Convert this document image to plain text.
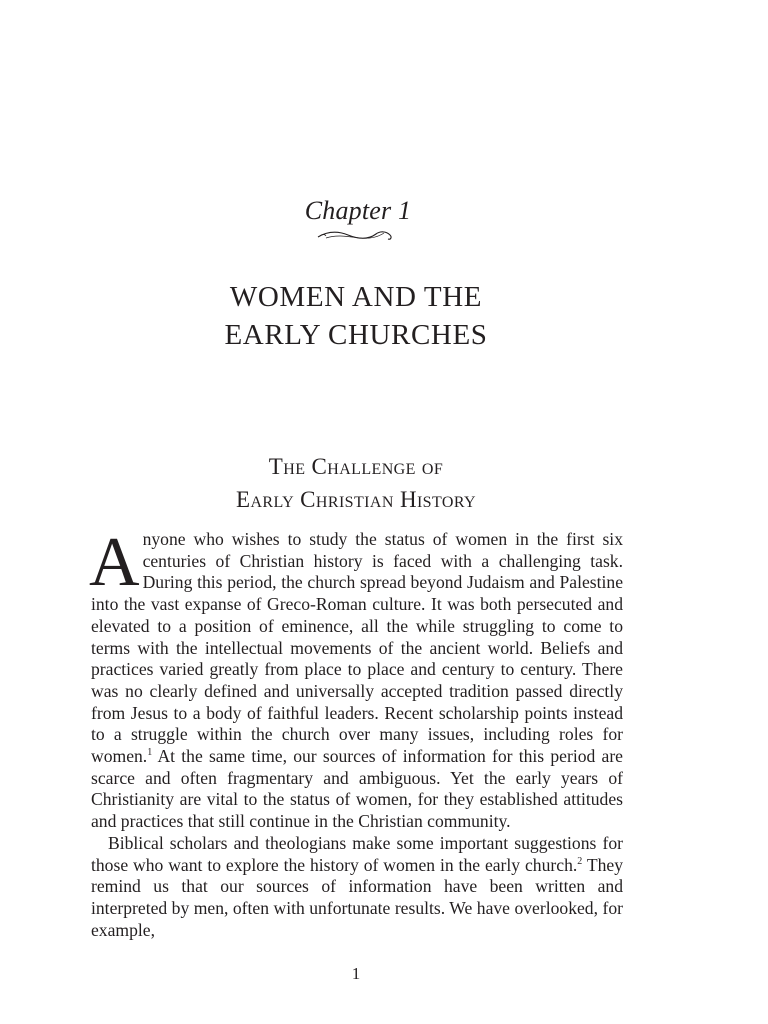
Chapter 1
WOMEN AND THE
EARLY CHURCHES
The Challenge of
Early Christian History

Anyone who wishes to study the status of women in the first six centuries of Christian history is faced with a challenging task. During this period, the church spread beyond Judaism and Palestine into the vast expanse of Greco-Roman culture. It was both persecuted and elevated to a position of eminence, all the while struggling to come to terms with the intellectual movements of the ancient world. Beliefs and practices varied greatly from place to place and century to century. There was no clearly defined and universally accepted tradition passed directly from Jesus to a body of faithful leaders. Recent scholarship points instead to a struggle within the church over many issues, including roles for women.$^1$ At the same time, our sources of information for this period are scarce and often fragmentary and ambiguous. Yet the early years of Christianity are vital to the status of women, for they established attitudes and practices that still continue in the Christian community.

Biblical scholars and theologians make some important suggestions for those who want to explore the history of women in the early church.$^2$ They remind us that our sources of information have been written and interpreted by men, often with unfortunate results. We have overlooked, for example,

1
